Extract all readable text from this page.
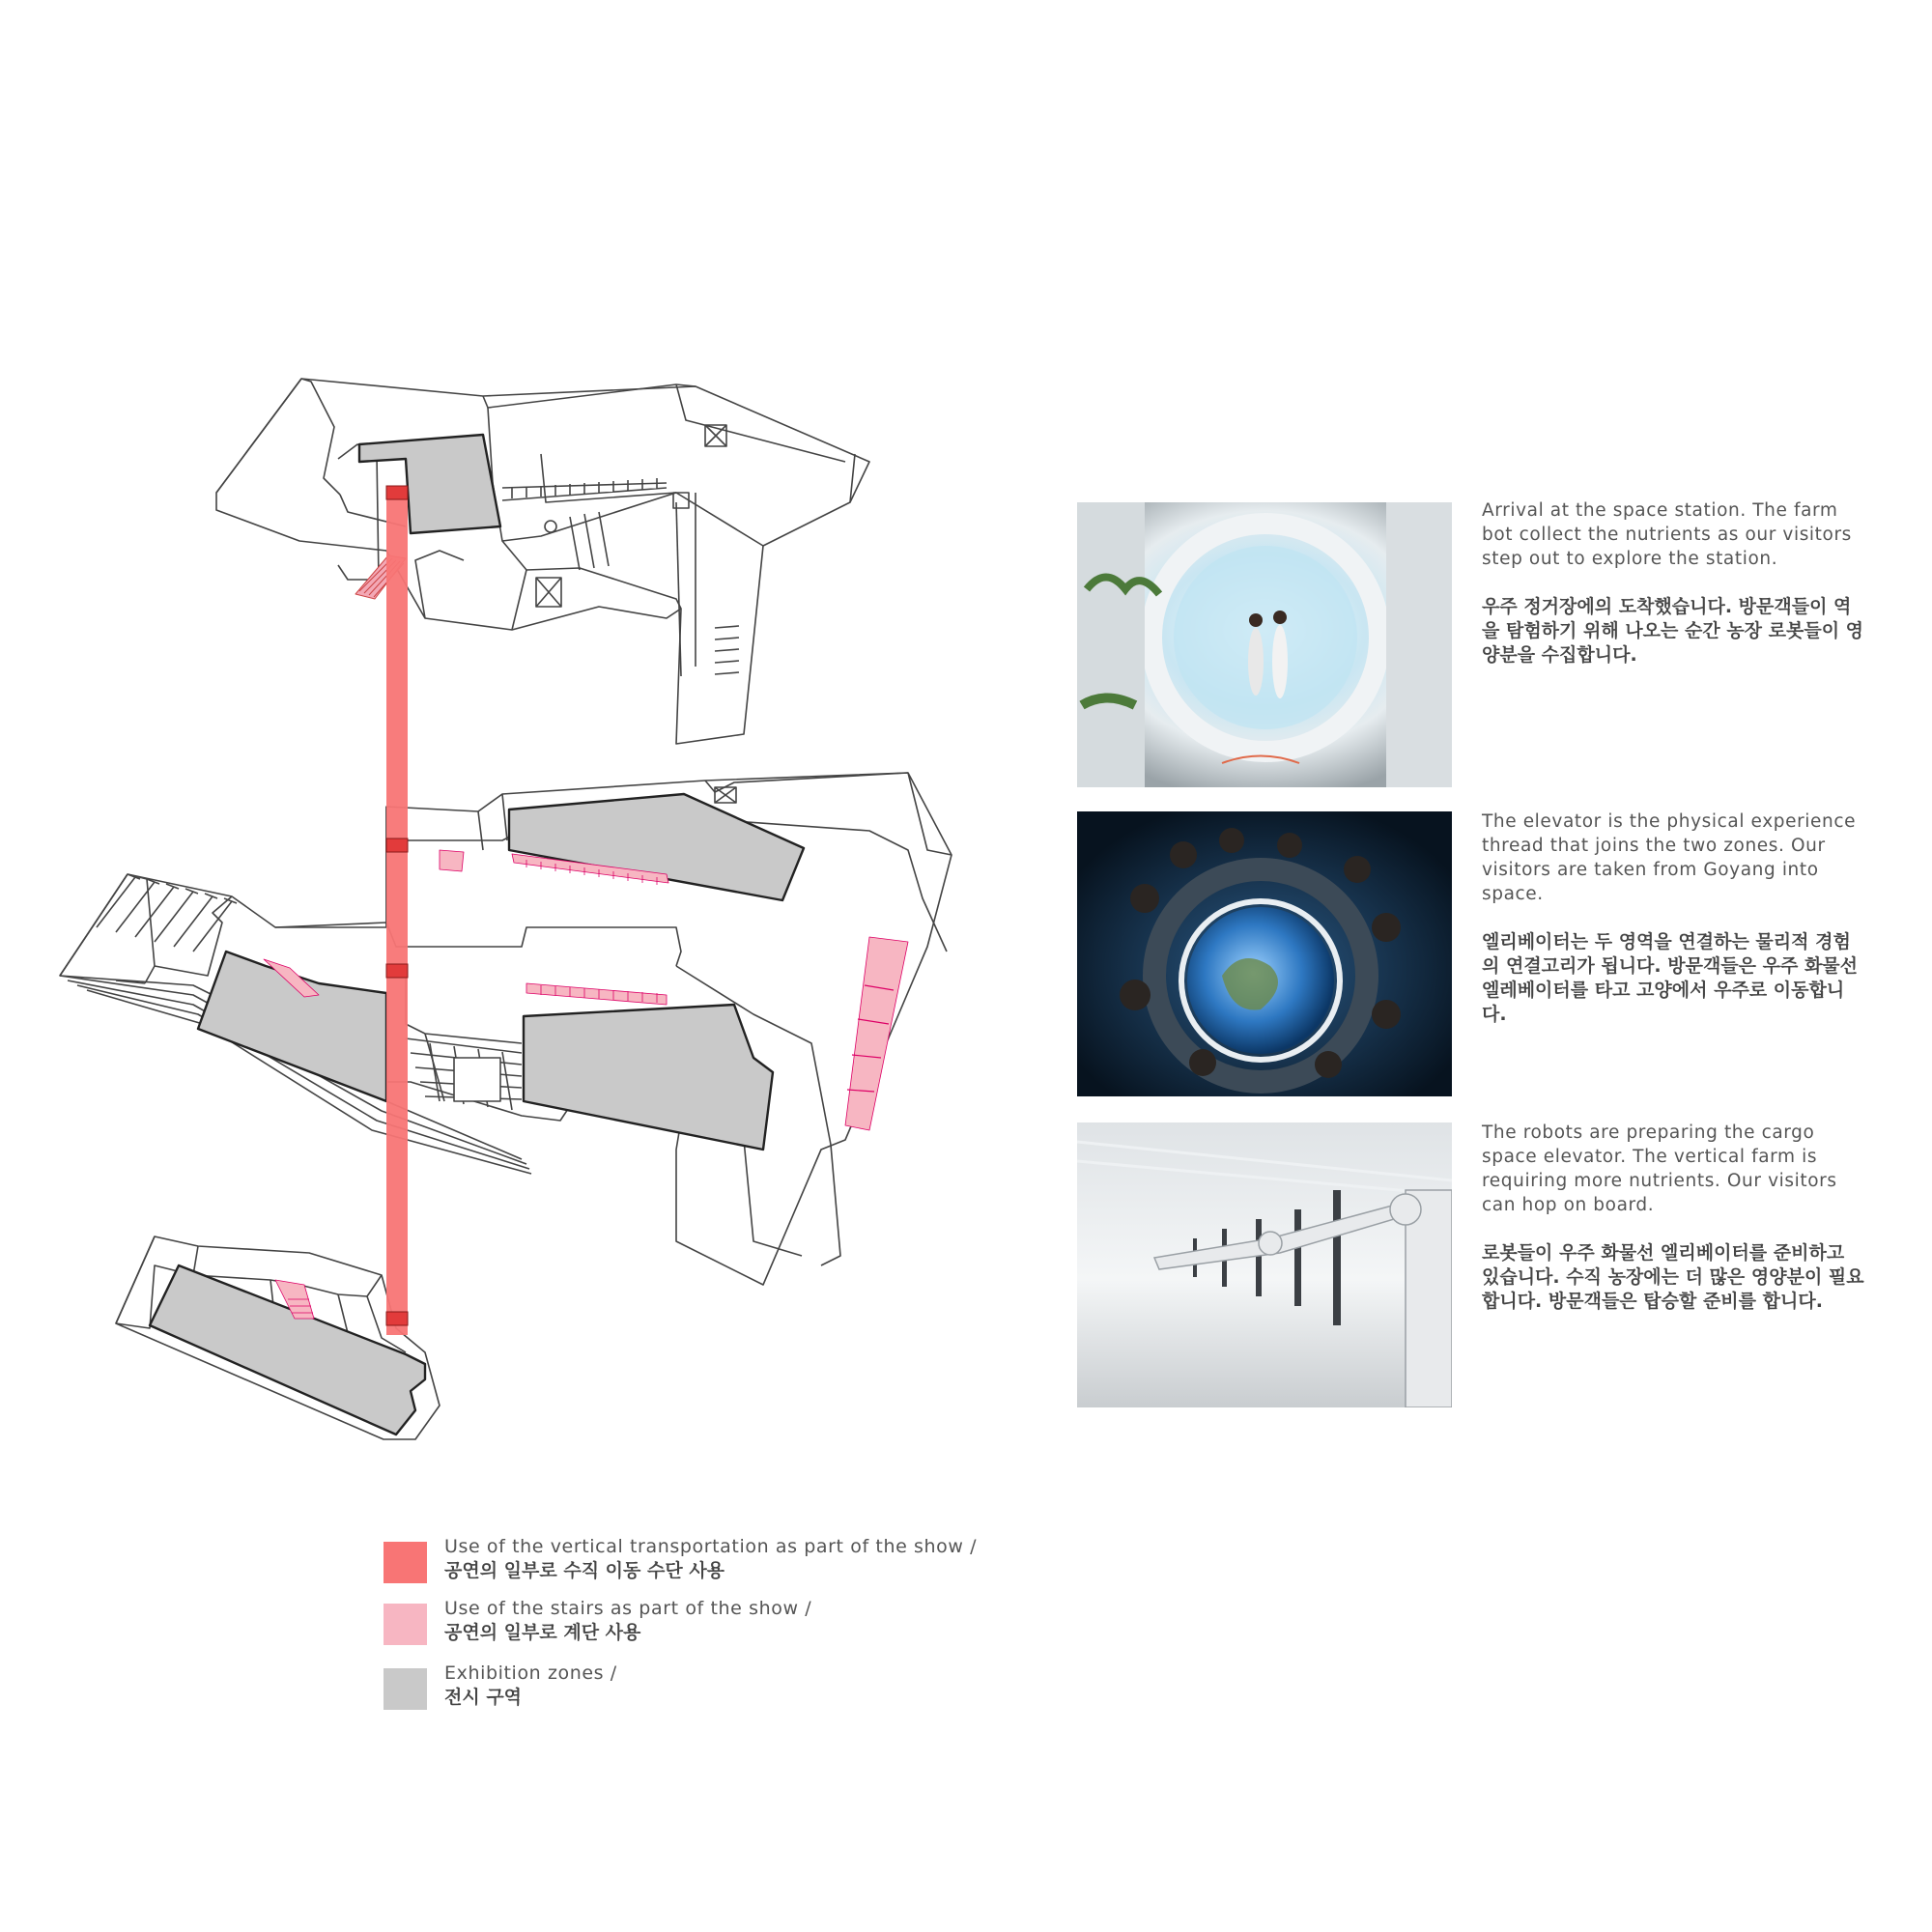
Arrival at the space station. The farm bot collect the nutrients as our visitors step out to explore the station.

우주 정거장에의 도착했습니다. 방문객들이 역을 탐험하기 위해 나오는 순간 농장 로봇들이 영양분을 수집합니다.

The elevator is the physical experience thread that joins the two zones. Our visitors are taken from Goyang into space.

엘리베이터는 두 영역을 연결하는 물리적 경험의 연결고리가 됩니다. 방문객들은 우주 화물선 엘레베이터를 타고 고양에서 우주로 이동합니다.

The robots are preparing the cargo space elevator. The vertical farm is requiring more nutrients. Our visitors can hop on board.

로봇들이 우주 화물선 엘리베이터를 준비하고 있습니다. 수직 농장에는 더 많은 영양분이 필요합니다. 방문객들은 탑승할 준비를 합니다.

Use of the vertical transportation as part of the show /
공연의 일부로 수직 이동 수단 사용
Use of the stairs as part of the show /
공연의 일부로 계단 사용
Exhibition zones /
전시 구역
